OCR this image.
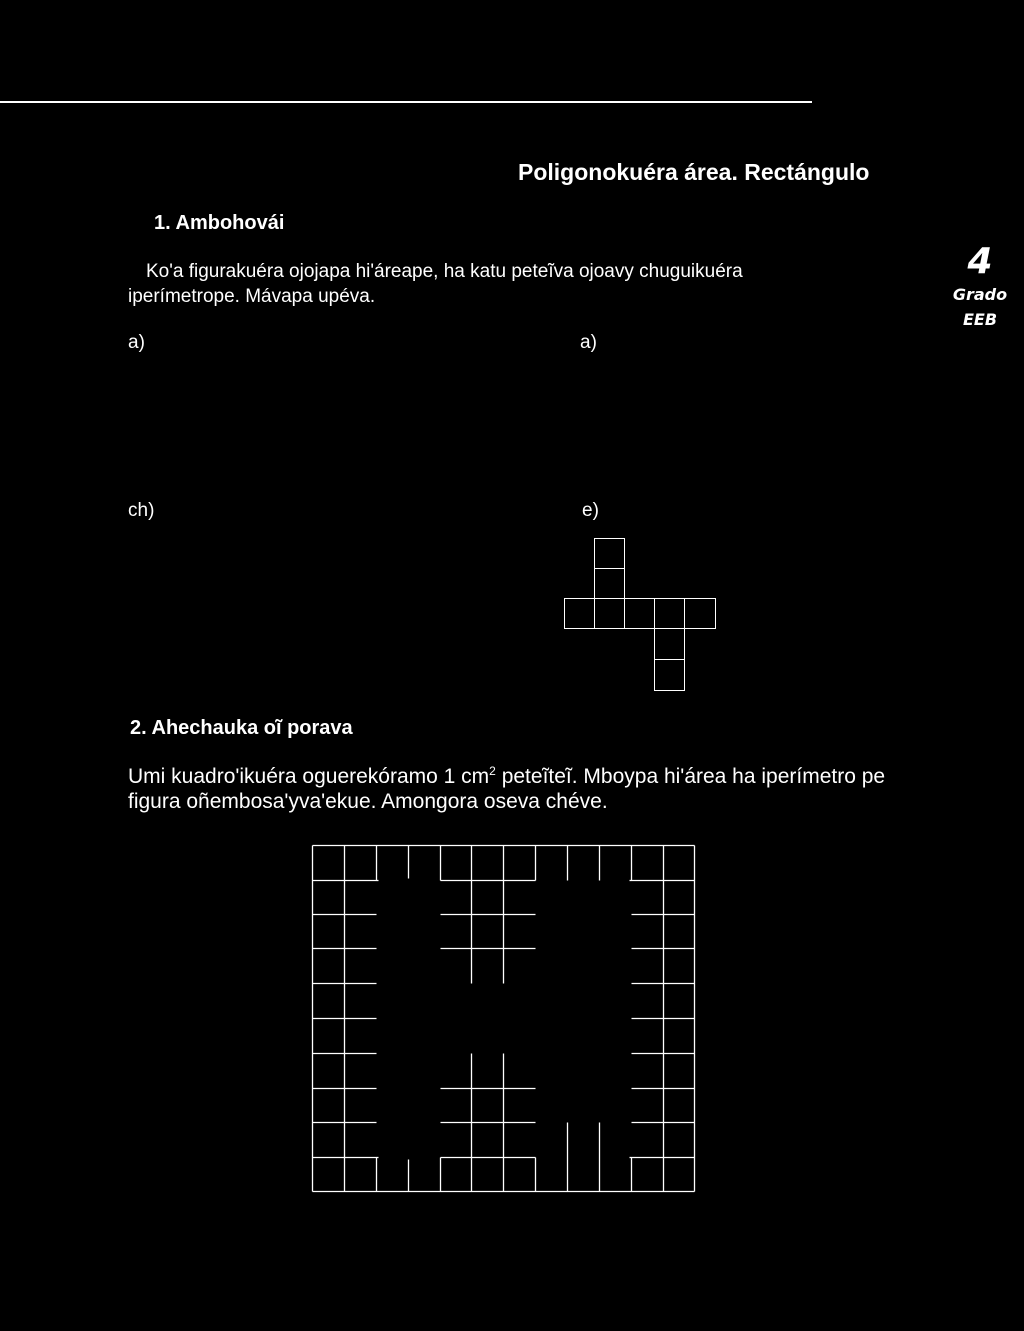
Poligonokuéra área. Rectángulo
4
Grado
EEB
1. Ambohovái
Ko'a figurakuéra ojojapa hi'áreape, ha katu peteĩva ojoavy chuguikuéra
iperímetrope. Mávapa upéva.
a)	a)
ch)	e)
2. Ahechauka oĩ porava
Umi kuadro'ikuéra oguerekóramo 1 $cm^2$ peteĩteĩ. Mboypa hi'área ha iperímetro pe
figura oñembosa'yva'ekue. Amongora oseva chéve.
